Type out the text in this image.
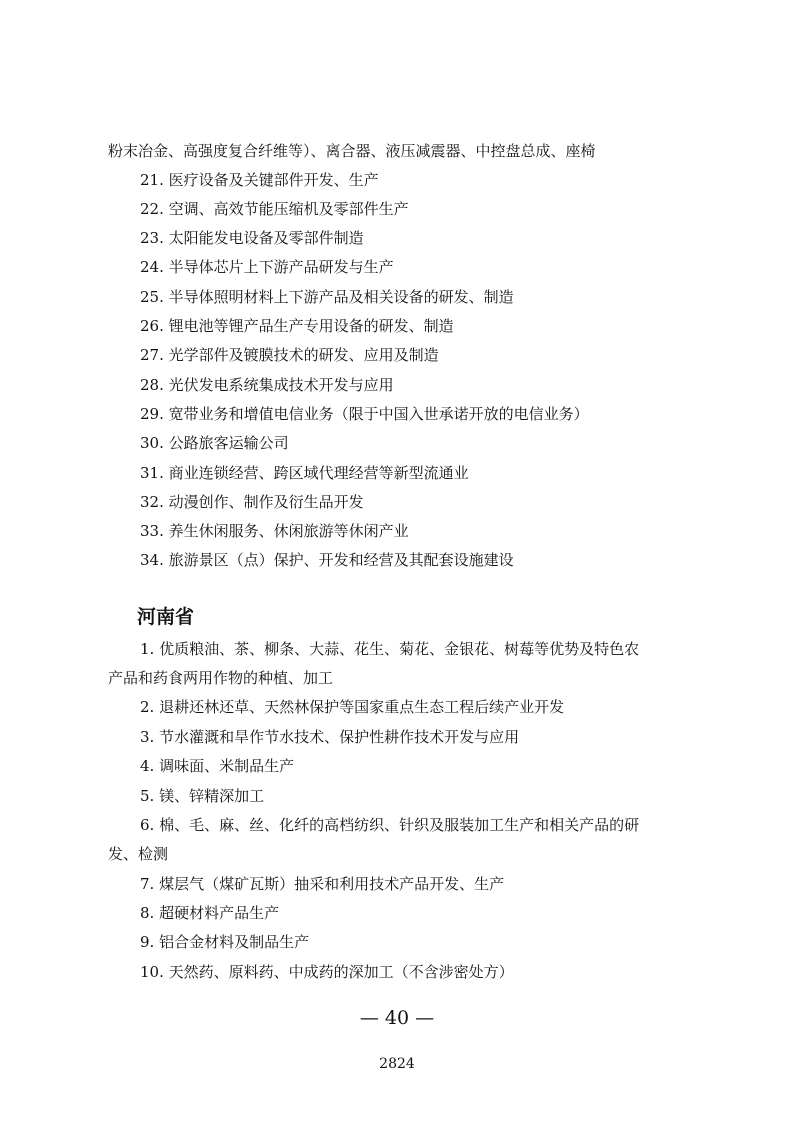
粉末冶金、高强度复合纤维等）、离合器、液压减震器、中控盘总成、座椅
21. 医疗设备及关键部件开发、生产
22. 空调、高效节能压缩机及零部件生产
23. 太阳能发电设备及零部件制造
24. 半导体芯片上下游产品研发与生产
25. 半导体照明材料上下游产品及相关设备的研发、制造
26. 锂电池等锂产品生产专用设备的研发、制造
27. 光学部件及镀膜技术的研发、应用及制造
28. 光伏发电系统集成技术开发与应用
29. 宽带业务和增值电信业务（限于中国入世承诺开放的电信业务）
30. 公路旅客运输公司
31. 商业连锁经营、跨区域代理经营等新型流通业
32. 动漫创作、制作及衍生品开发
33. 养生休闲服务、休闲旅游等休闲产业
34. 旅游景区（点）保护、开发和经营及其配套设施建设
河南省
1. 优质粮油、茶、柳条、大蒜、花生、菊花、金银花、树莓等优势及特色农
产品和药食两用作物的种植、加工
2. 退耕还林还草、天然林保护等国家重点生态工程后续产业开发
3. 节水灌溉和旱作节水技术、保护性耕作技术开发与应用
4. 调味面、米制品生产
5. 镁、锌精深加工
6. 棉、毛、麻、丝、化纤的高档纺织、针织及服装加工生产和相关产品的研
发、检测
7. 煤层气（煤矿瓦斯）抽采和利用技术产品开发、生产
8. 超硬材料产品生产
9. 铝合金材料及制品生产
10. 天然药、原料药、中成药的深加工（不含涉密处方）
— 40 —
2824
